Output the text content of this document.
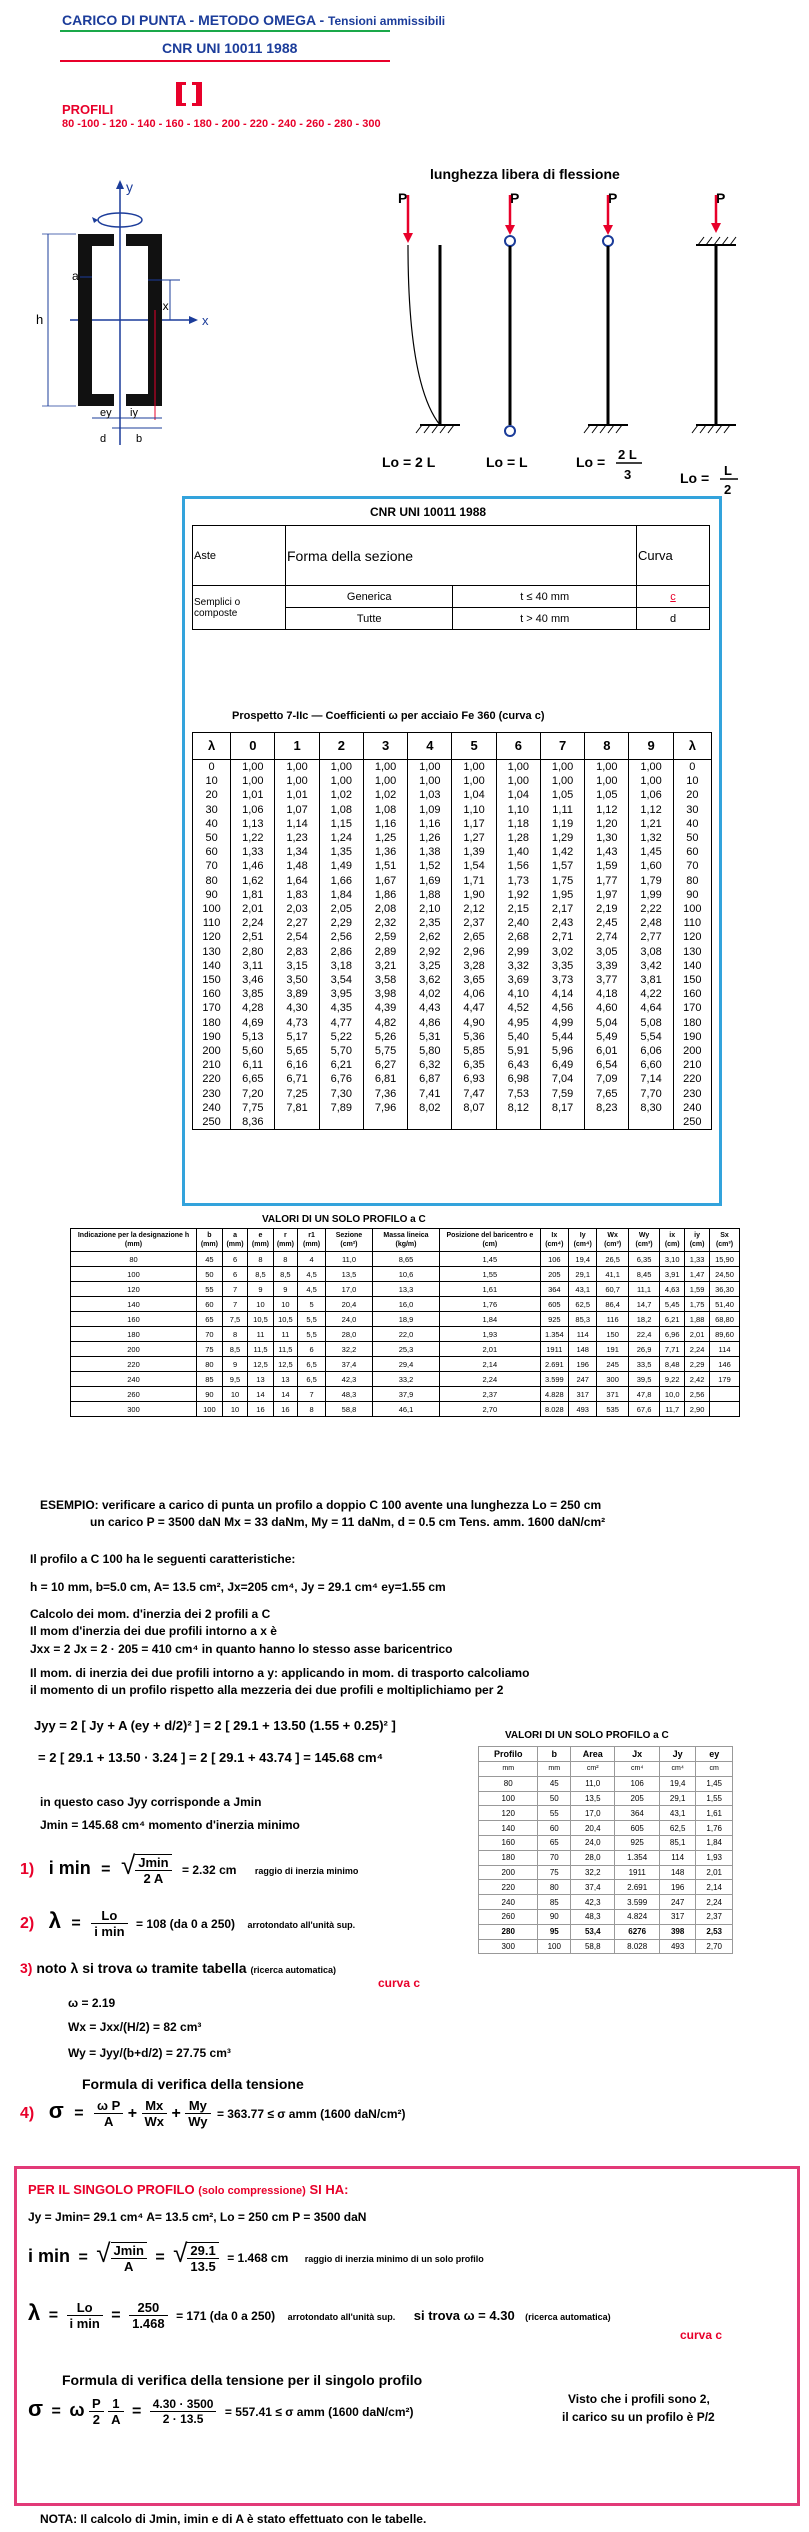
CARICO DI PUNTA - METODO OMEGA - Tensioni ammissibili
CNR UNI 10011 1988
PROFILI
80 -100 - 120 - 140 - 160 - 180 - 200 - 220 - 240 - 260 - 280 - 300
y
x
h
a
ix
ey iy
d	b
lunghezza libera di flessione
P	P	P	P
Lo = 2 L	Lo = L	Lo = 2 L
3	Lo = L
2
CNR UNI 10011 1988
Aste	Forma della sezione		Curva
Semplici o composte	Generica	t ≤ 40 mm	c
	Tutte	t > 40 mm	d
Prospetto 7-IIc — Coefficienti ω per acciaio Fe 360 (curva c)
λ	0	1	2	3	4	5	6	7	8	9	λ
0	1,00	1,00	1,00	1,00	1,00	1,00	1,00	1,00	1,00	1,00	0
10	1,00	1,00	1,00	1,00	1,00	1,00	1,00	1,00	1,00	1,00	10
20	1,01	1,01	1,02	1,02	1,03	1,04	1,04	1,05	1,05	1,06	20
30	1,06	1,07	1,08	1,08	1,09	1,10	1,10	1,11	1,12	1,12	30
40	1,13	1,14	1,15	1,16	1,16	1,17	1,18	1,19	1,20	1,21	40
50	1,22	1,23	1,24	1,25	1,26	1,27	1,28	1,29	1,30	1,32	50
60	1,33	1,34	1,35	1,36	1,38	1,39	1,40	1,42	1,43	1,45	60
70	1,46	1,48	1,49	1,51	1,52	1,54	1,56	1,57	1,59	1,60	70
80	1,62	1,64	1,66	1,67	1,69	1,71	1,73	1,75	1,77	1,79	80
90	1,81	1,83	1,84	1,86	1,88	1,90	1,92	1,95	1,97	1,99	90
100	2,01	2,03	2,05	2,08	2,10	2,12	2,15	2,17	2,19	2,22	100
110	2,24	2,27	2,29	2,32	2,35	2,37	2,40	2,43	2,45	2,48	110
120	2,51	2,54	2,56	2,59	2,62	2,65	2,68	2,71	2,74	2,77	120
130	2,80	2,83	2,86	2,89	2,92	2,96	2,99	3,02	3,05	3,08	130
140	3,11	3,15	3,18	3,21	3,25	3,28	3,32	3,35	3,39	3,42	140
150	3,46	3,50	3,54	3,58	3,62	3,65	3,69	3,73	3,77	3,81	150
160	3,85	3,89	3,95	3,98	4,02	4,06	4,10	4,14	4,18	4,22	160
170	4,28	4,30	4,35	4,39	4,43	4,47	4,52	4,56	4,60	4,64	170
180	4,69	4,73	4,77	4,82	4,86	4,90	4,95	4,99	5,04	5,08	180
190	5,13	5,17	5,22	5,26	5,31	5,36	5,40	5,44	5,49	5,54	190
200	5,60	5,65	5,70	5,75	5,80	5,85	5,91	5,96	6,01	6,06	200
210	6,11	6,16	6,21	6,27	6,32	6,35	6,43	6,49	6,54	6,60	210
220	6,65	6,71	6,76	6,81	6,87	6,93	6,98	7,04	7,09	7,14	220
230	7,20	7,25	7,30	7,36	7,41	7,47	7,53	7,59	7,65	7,70	230
240	7,75	7,81	7,89	7,96	8,02	8,07	8,12	8,17	8,23	8,30	240
250	8,36										250
VALORI DI UN SOLO PROFILO a C
Indicazione per la designazione h (mm)	b (mm)	a (mm)	e (mm)	r (mm)	r1 (mm)	Sezione (cm²)	Massa lineica (kg/m)	Posizione del baricentro e (cm)	Ix (cm⁴)	Iy (cm⁴)	Wx (cm³)	Wy (cm³)	ix (cm)	iy (cm)	Sx (cm³)
80	45	6	8	8	4	11,0	8,65	1,45	106	19,4	26,5	6,35	3,10	1,33	15,90
100	50	6	8,5	8,5	4,5	13,5	10,6	1,55	205	29,1	41,1	8,45	3,91	1,47	24,50
120	55	7	9	9	4,5	17,0	13,3	1,61	364	43,1	60,7	11,1	4,63	1,59	36,30
140	60	7	10	10	5	20,4	16,0	1,76	605	62,5	86,4	14,7	5,45	1,75	51,40
160	65	7,5	10,5	10,5	5,5	24,0	18,9	1,84	925	85,3	116	18,2	6,21	1,88	68,80
180	70	8	11	11	5,5	28,0	22,0	1,93	1.354	114	150	22,4	6,96	2,01	89,60
200	75	8,5	11,5	11,5	6	32,2	25,3	2,01	1911	148	191	26,9	7,71	2,24	114
220	80	9	12,5	12,5	6,5	37,4	29,4	2,14	2.691	196	245	33,5	8,48	2,29	146
240	85	9,5	13	13	6,5	42,3	33,2	2,24	3.599	247	300	39,5	9,22	2,42	179
260	90	10	14	14	7	48,3	37,9	2,37	4.828	317	371	47,8	10,0	2,56	
300	100	10	16	16	8	58,8	46,1	2,70	8.028	493	535	67,6	11,7	2,90	
ESEMPIO: verificare a carico di punta un profilo a doppio C 100 avente una lunghezza Lo = 250 cm
un carico P = 3500 daN Mx = 33 daNm, My = 11 daNm, d = 0.5 cm Tens. amm. 1600 daN/cm²
Il profilo a C 100 ha le seguenti caratteristiche:
h = 10 mm, b=5.0 cm, A= 13.5 cm², Jx=205 cm⁴, Jy = 29.1 cm⁴ ey=1.55 cm
Calcolo dei mom. d'inerzia dei 2 profili a C
Il mom d'inerzia dei due profili intorno a x è
Jxx = 2 Jx = 2 · 205 = 410 cm⁴ in quanto hanno lo stesso asse baricentrico
Il mom. di inerzia dei due profili intorno a y: applicando in mom. di trasporto calcoliamo
il momento di un profilo rispetto alla mezzeria dei due profili e moltiplichiamo per 2
Jyy = 2 [ Jy + A (ey + d/2)² ] = 2 [ 29.1 + 13.50 (1.55 + 0.25)² ]
= 2 [ 29.1 + 13.50 · 3.24 ] = 2 [ 29.1 + 43.74 ] = 145.68 cm⁴
in questo caso Jyy corrisponde a Jmin
Jmin = 145.68 cm⁴ momento d'inerzia minimo
1) i min = √ $\frac{Jmin}{2 A} = 2.32$ cm raggio di inerzia minimo
2) $\lambda = \frac{Lo}{\text{i min}} = 108$ (da 0 a 250) arrotondato all'unità sup.
3) noto λ si trova ω tramite tabella (ricerca automatica)
curva c
ω = 2.19
Wx = Jxx/(H/2) = 82 cm³
Wy = Jyy/(b+d/2) = 27.75 cm³
Formula di verifica della tensione
4) $\sigma = \frac{\text{ω P}}{A} + \frac{Mx}{Wx} + \frac{My}{Wy} = 363.77 \le \sigma$ amm (1600 daN/cm²)
VALORI DI UN SOLO PROFILO a C
Profilo	b	Area	Jx	Jy	ey
mm	mm	cm²	cm⁴	cm⁴	cm
80	45	11,0	106	19,4	1,45
100	50	13,5	205	29,1	1,55
120	55	17,0	364	43,1	1,61
140	60	20,4	605	62,5	1,76
160	65	24,0	925	85,1	1,84
180	70	28,0	1.354	114	1,93
200	75	32,2	1911	148	2,01
220	80	37,4	2.691	196	2,14
240	85	42,3	3.599	247	2,24
260	90	48,3	4.824	317	2,37
280	95	53,4	6276	398	2,53
300	100	58,8	8.028	493	2,70
PER IL SINGOLO PROFILO (solo compressione) SI HA:
Jy = Jmin= 29.1 cm⁴ A= 13.5 cm², Lo = 250 cm P = 3500 daN
i min = √ $\frac{Jmin}{A}$ = √ $\frac{29.1}{13.5} = 1.468$ cm raggio di inerzia minimo di un solo profilo
$\lambda = \frac{Lo}{\text{i min}} = \frac{250}{1.468} = 171$ (da 0 a 250) arrotondato all'unità sup. si trova ω = 4.30 (ricerca automatica)
curva c
Formula di verifica della tensione per il singolo profilo
σ = ω $\frac{P}{2}$
$\frac{1}{A} = \frac{4.30 \cdot 3500}{2 \cdot 13.5} = 557.41 \le \sigma$ amm (1600 daN/cm²)
Visto che i profili sono 2,
il carico su un profilo è P/2
NOTA: Il calcolo di Jmin, imin e di A è stato effettuato con le tabelle.
